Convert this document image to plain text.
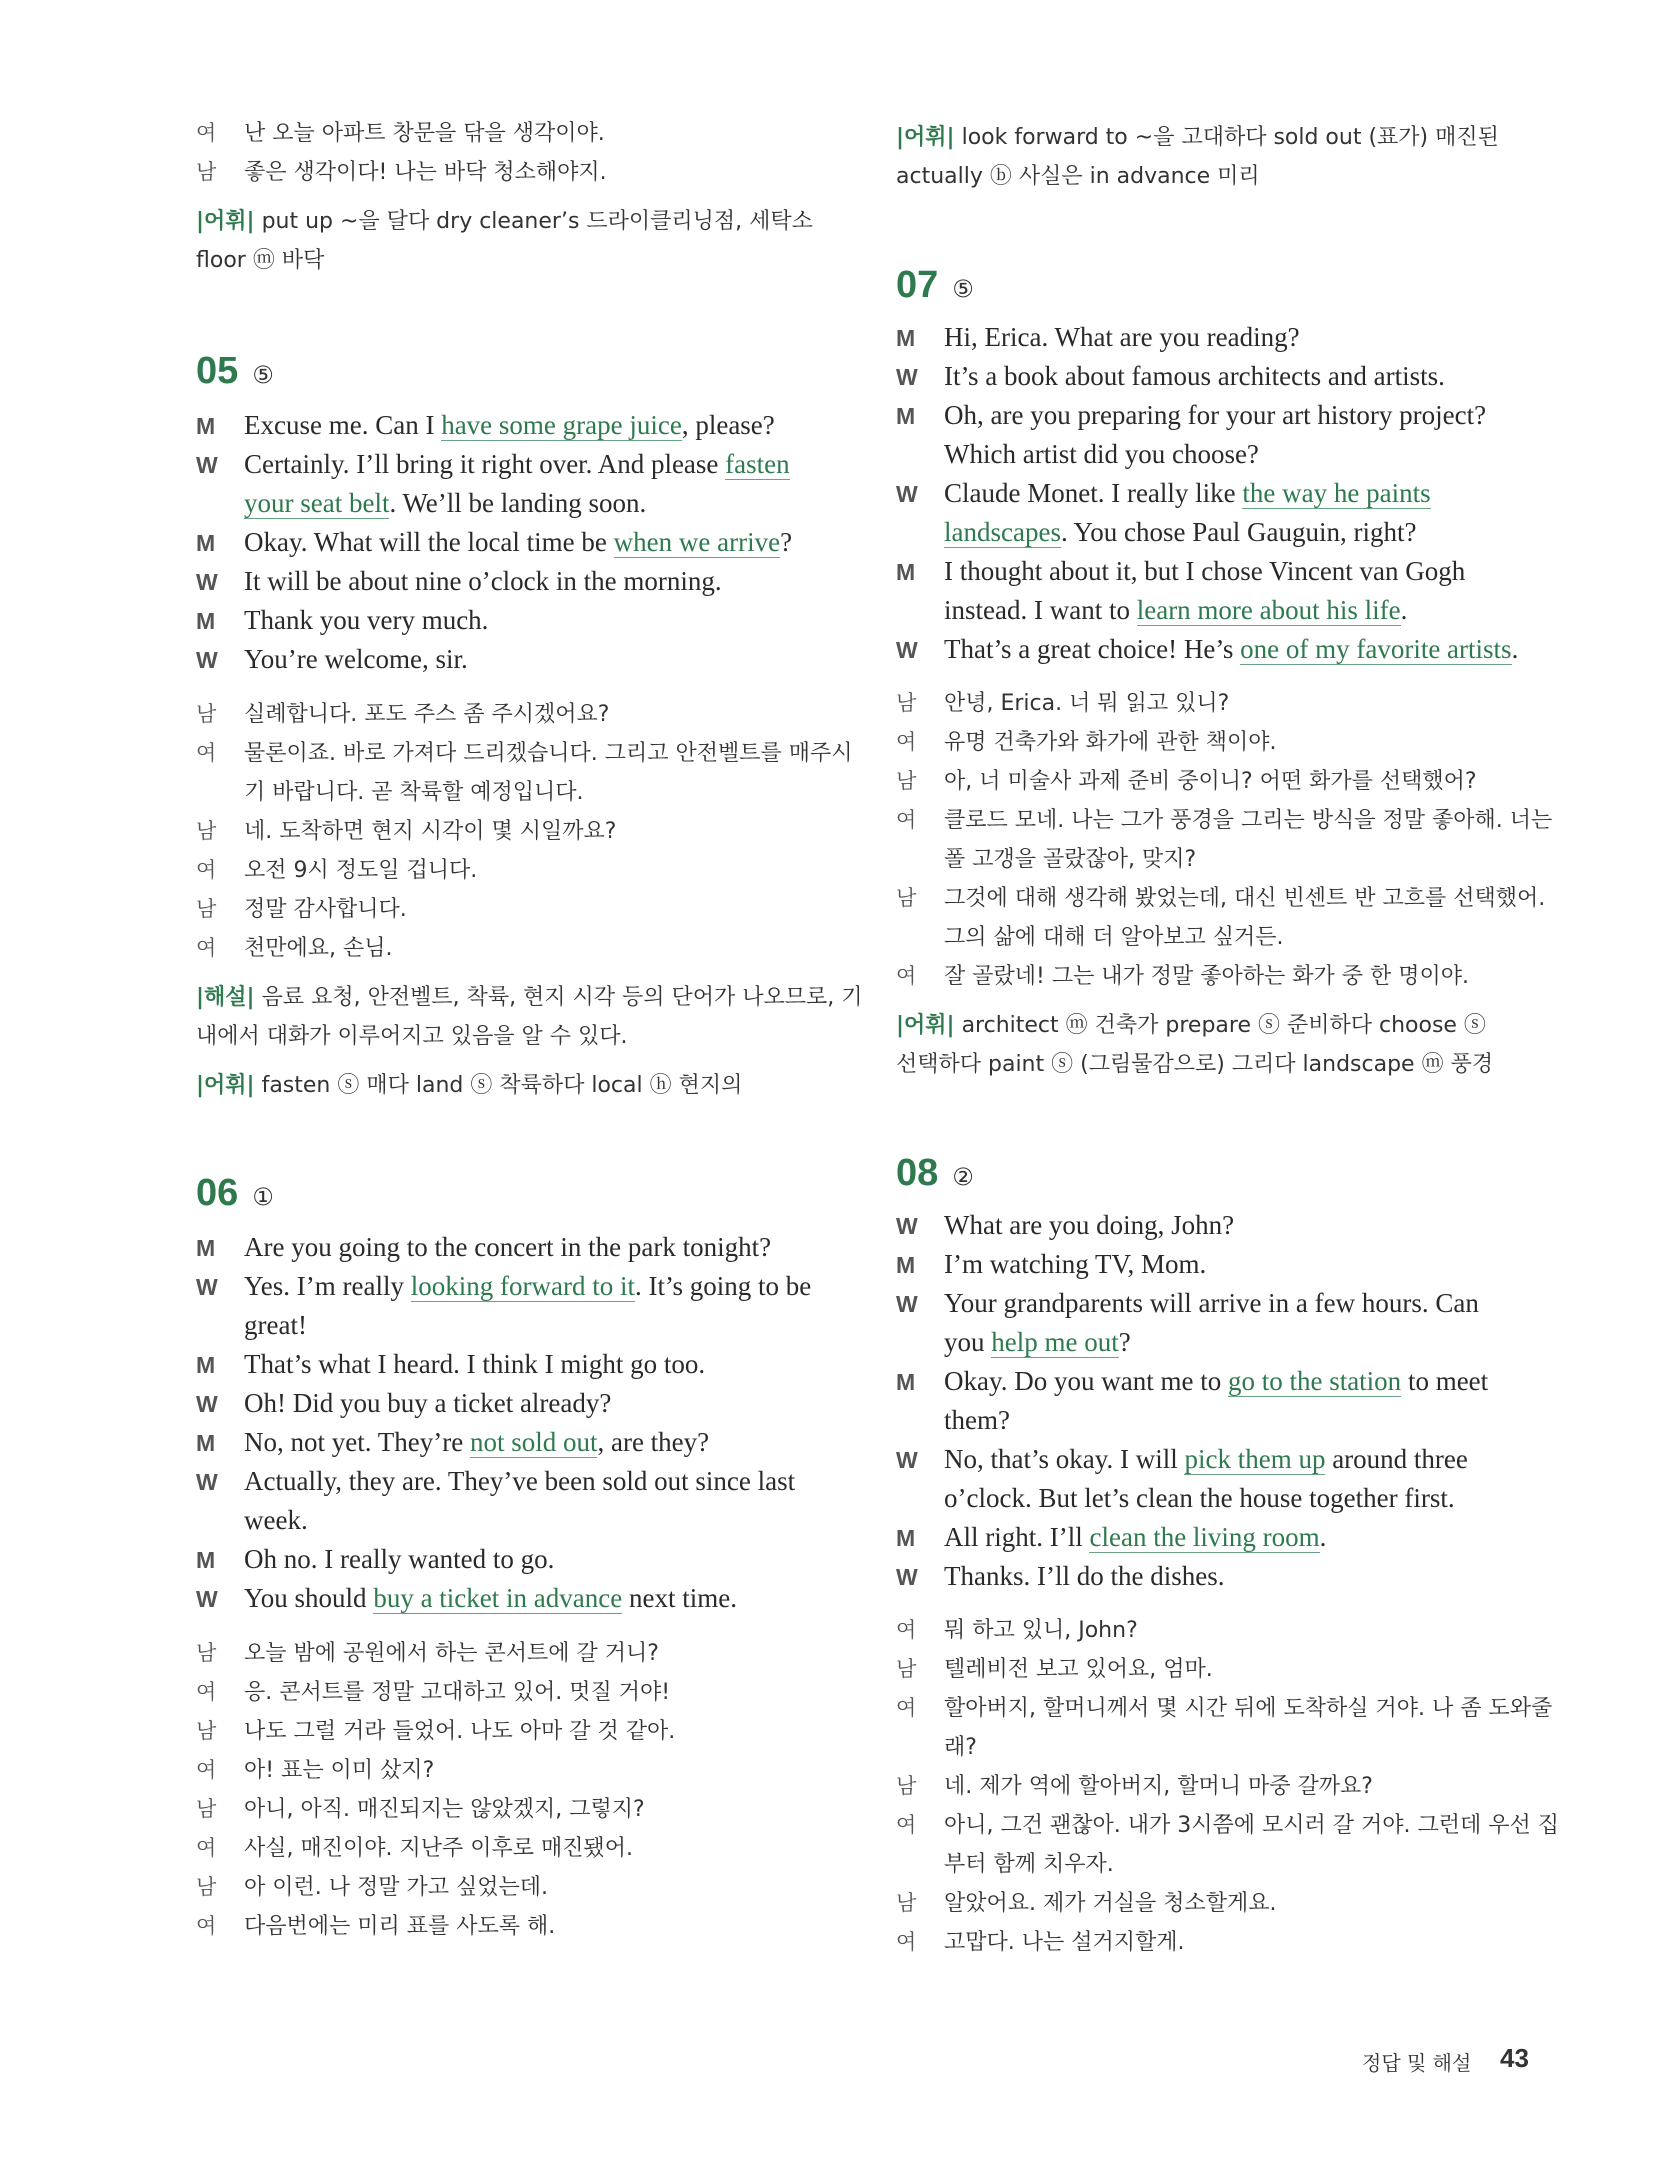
여 난 오늘 아파트 창문을 닦을 생각이야.
남 좋은 생각이다! 나는 바닥 청소해야지.
|어휘| put up ~을 달다 dry cleaner’s 드라이클리닝점, 세탁소
floor ⓜ 바닥
05 ⑤
M Excuse me. Can I have some grape juice, please?
W Certainly. I’ll bring it right over. And please fasten
your seat belt. We’ll be landing soon.
M Okay. What will the local time be when we arrive?
W It will be about nine o’clock in the morning.
M Thank you very much.
W You’re welcome, sir.
남 실례합니다. 포도 주스 좀 주시겠어요?
여 물론이죠. 바로 가져다 드리겠습니다. 그리고 안전벨트를 매주시
기 바랍니다. 곧 착륙할 예정입니다.
남 네. 도착하면 현지 시각이 몇 시일까요?
여 오전 9시 정도일 겁니다.
남 정말 감사합니다.
여 천만에요, 손님.
|해설| 음료 요청, 안전벨트, 착륙, 현지 시각 등의 단어가 나오므로, 기
내에서 대화가 이루어지고 있음을 알 수 있다.
|어휘| fasten ⓢ 매다 land ⓢ 착륙하다 local ⓗ 현지의
06 ①
M Are you going to the concert in the park tonight?
W Yes. I’m really looking forward to it. It’s going to be
great!
M That’s what I heard. I think I might go too.
W Oh! Did you buy a ticket already?
M No, not yet. They’re not sold out, are they?
W Actually, they are. They’ve been sold out since last
week.
M Oh no. I really wanted to go.
W You should buy a ticket in advance next time.
남 오늘 밤에 공원에서 하는 콘서트에 갈 거니?
여 응. 콘서트를 정말 고대하고 있어. 멋질 거야!
남 나도 그럴 거라 들었어. 나도 아마 갈 것 같아.
여 아! 표는 이미 샀지?
남 아니, 아직. 매진되지는 않았겠지, 그렇지?
여 사실, 매진이야. 지난주 이후로 매진됐어.
남 아 이런. 나 정말 가고 싶었는데.
여 다음번에는 미리 표를 사도록 해.
|어휘| look forward to ~을 고대하다 sold out (표가) 매진된
actually ⓑ 사실은 in advance 미리
07 ⑤
M Hi, Erica. What are you reading?
W It’s a book about famous architects and artists.
M Oh, are you preparing for your art history project?
Which artist did you choose?
W Claude Monet. I really like the way he paints
landscapes. You chose Paul Gauguin, right?
M I thought about it, but I chose Vincent van Gogh
instead. I want to learn more about his life.
W That’s a great choice! He’s one of my favorite artists.
남 안녕, Erica. 너 뭐 읽고 있니?
여 유명 건축가와 화가에 관한 책이야.
남 아, 너 미술사 과제 준비 중이니? 어떤 화가를 선택했어?
여 클로드 모네. 나는 그가 풍경을 그리는 방식을 정말 좋아해. 너는
폴 고갱을 골랐잖아, 맞지?
남 그것에 대해 생각해 봤었는데, 대신 빈센트 반 고흐를 선택했어.
그의 삶에 대해 더 알아보고 싶거든.
여 잘 골랐네! 그는 내가 정말 좋아하는 화가 중 한 명이야.
|어휘| architect ⓜ 건축가 prepare ⓢ 준비하다 choose ⓢ
선택하다 paint ⓢ (그림물감으로) 그리다 landscape ⓜ 풍경
08 ②
W What are you doing, John?
M I’m watching TV, Mom.
W Your grandparents will arrive in a few hours. Can
you help me out?
M Okay. Do you want me to go to the station to meet
them?
W No, that’s okay. I will pick them up around three
o’clock. But let’s clean the house together first.
M All right. I’ll clean the living room.
W Thanks. I’ll do the dishes.
여 뭐 하고 있니, John?
남 텔레비전 보고 있어요, 엄마.
여 할아버지, 할머니께서 몇 시간 뒤에 도착하실 거야. 나 좀 도와줄
래?
남 네. 제가 역에 할아버지, 할머니 마중 갈까요?
여 아니, 그건 괜찮아. 내가 3시쯤에 모시러 갈 거야. 그런데 우선 집
부터 함께 치우자.
남 알았어요. 제가 거실을 청소할게요.
여 고맙다. 나는 설거지할게.
정답 및 해설 43
